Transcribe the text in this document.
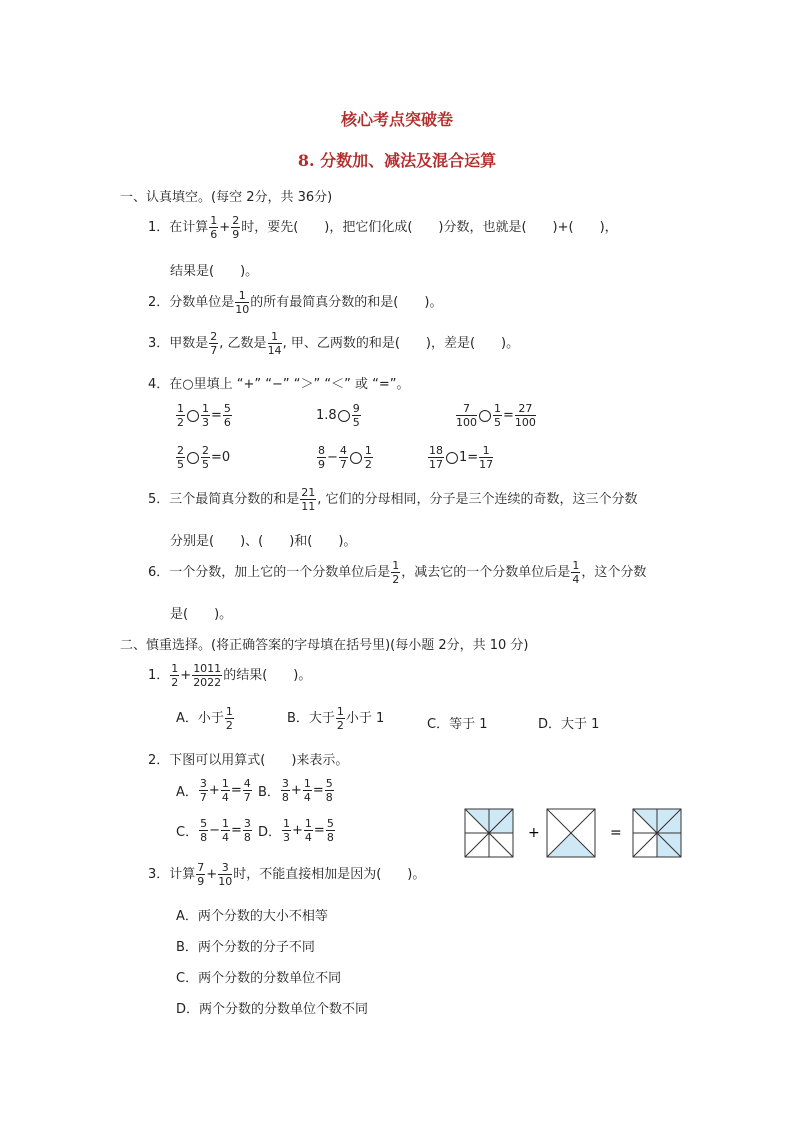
核心考点突破卷
8. 分数加、减法及混合运算
一、认真填空。(每空 2分，共 36分)
1．在计算 $\frac{1}{6} + \frac{2}{9}$ 时，要先(　　)，把它们化成(　　)分数，也就是(　　)+(　　)，
结果是(　　)。
2．分数单位是 $\frac{1}{10}$ 的所有最简真分数的和是(　　)。
3．甲数是 $\frac{2}{7}$ , 乙数是 $\frac{1}{14}$ , 甲、乙两数的和是(　　)，差是(　　)。
4．在○里填上 “+” “−” “＞” “＜” 或 “=”。
$\frac{1}{2} \frac{1}{3} = \frac{5}{6}$	$1.8 \frac{9}{5}$	$\frac{7}{100} \frac{1}{5} = \frac{27}{100}$
$\frac{2}{5} \frac{2}{5} =0$	$\frac{8}{9} - \frac{4}{7} \frac{1}{2}$	$\frac{18}{17} 1= \frac{1}{17}$
5．三个最简真分数的和是 $\frac{21}{11}$ , 它们的分母相同，分子是三个连续的奇数，这三个分数
分别是(　　)、(　　)和(　　)。
6．一个分数，加上它的一个分数单位后是 $\frac{1}{2}$ ，减去它的一个分数单位后是 $\frac{1}{4}$ ，这个分数
是(　　)。
二、慎重选择。(将正确答案的字母填在括号里)(每小题 2分，共 10 分)
1． $\frac{1}{2} + \frac{1011}{2022}$ 的结果(　　)。
A．小于 $\frac{1}{2}$	B．大于 $\frac{1}{2}$ 小于 1	C．等于 1	D．大于 1
2．下图可以用算式(　　)来表示。
A． $\frac{3}{7} + \frac{1}{4} = \frac{4}{7}$ B． $\frac{3}{8} + \frac{1}{4} = \frac{5}{8}$
C． $\frac{5}{8} - \frac{1}{4} = \frac{3}{8}$ D． $\frac{1}{3} + \frac{1}{4} = \frac{5}{8}$	+	=
3．计算 $\frac{7}{9} + \frac{3}{10}$ 时，不能直接相加是因为(　　)。
A．两个分数的大小不相等
B．两个分数的分子不同
C．两个分数的分数单位不同
D．两个分数的分数单位个数不同
